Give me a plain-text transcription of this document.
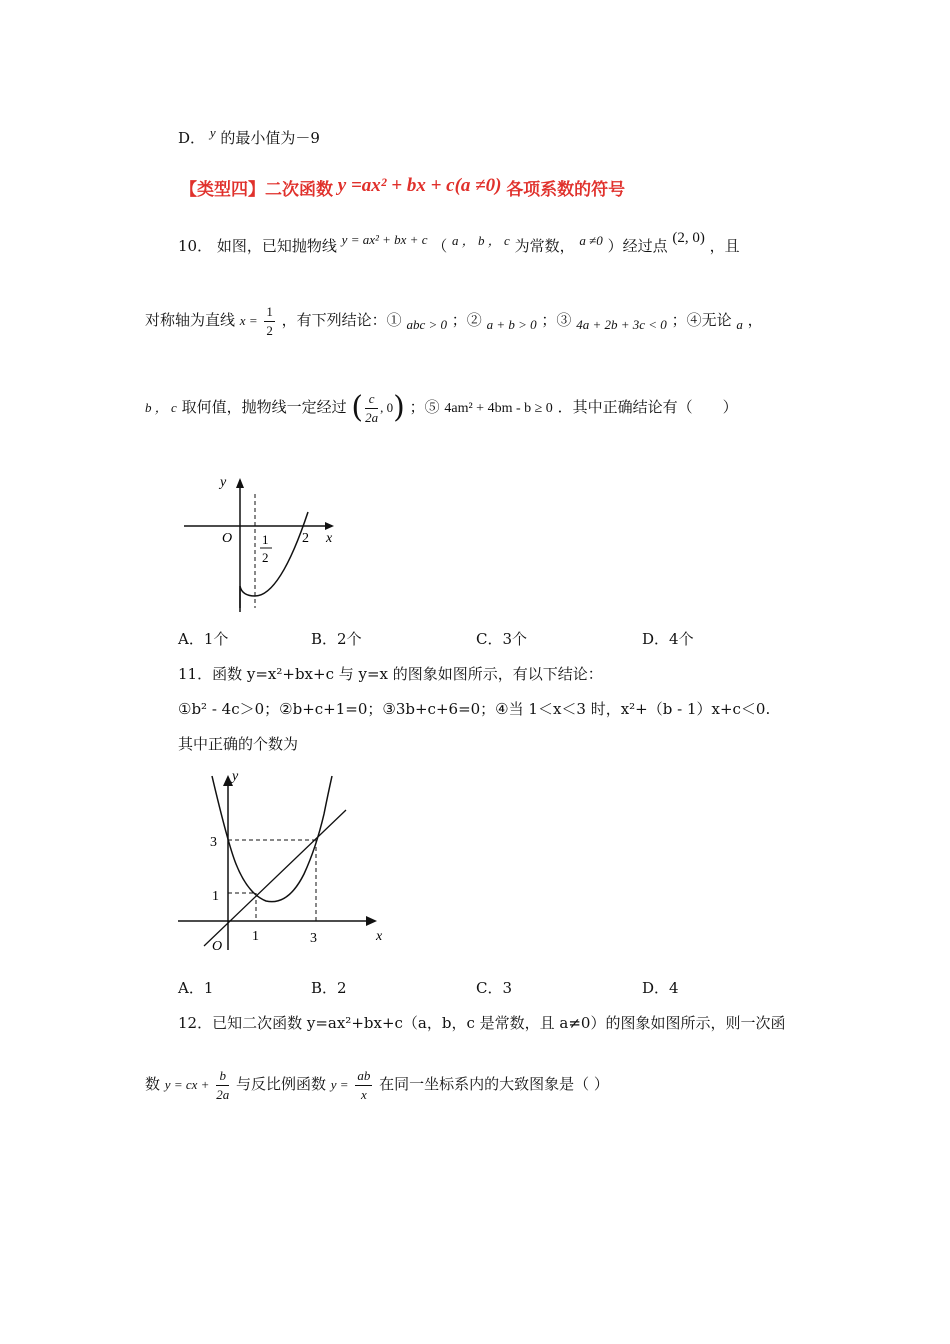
D． y 的最小值为－9
【类型四】二次函数 y =ax² + bx + c(a ≠0) 各项系数的符号
10． 如图，已知抛物线 y = ax² + bx + c （ a ， b ， c 为常数， a ≠0 ）经过点 (2, 0) ，且
对称轴为直线 $x = \frac{1}{2}$ ，有下列结论：① abc > 0 ；② a + b > 0 ；③ 4a + 2b + 3c < 0 ；④无论 a ，
b ， c 取何值，抛物线一定经过 ( $\frac{c}{2a}$ , 0) ；⑤ 4am² + 4bm - b ≥ 0 ．其中正确结论有（　　）
y
x
O 1
2
2
A．1个	B．2个	C．3个	D．4个
11．函数 y=x²+bx+c 与 y=x 的图象如图所示，有以下结论：
①b² - 4c＞0；②b+c+1=0；③3b+c+6=0；④当 1＜x＜3 时，x²+（b - 1）x+c＜0.
其中正确的个数为
y
x
O
3
1
1	3
A．1	B．2	C．3	D．4
12．已知二次函数 y=ax²+bx+c（a，b，c 是常数，且 a≠0）的图象如图所示，则一次函
数 y = cx + $\frac{b}{2a}$ 与反比例函数 $y = \frac{ab}{x}$ 在同一坐标系内的大致图象是（ ）
